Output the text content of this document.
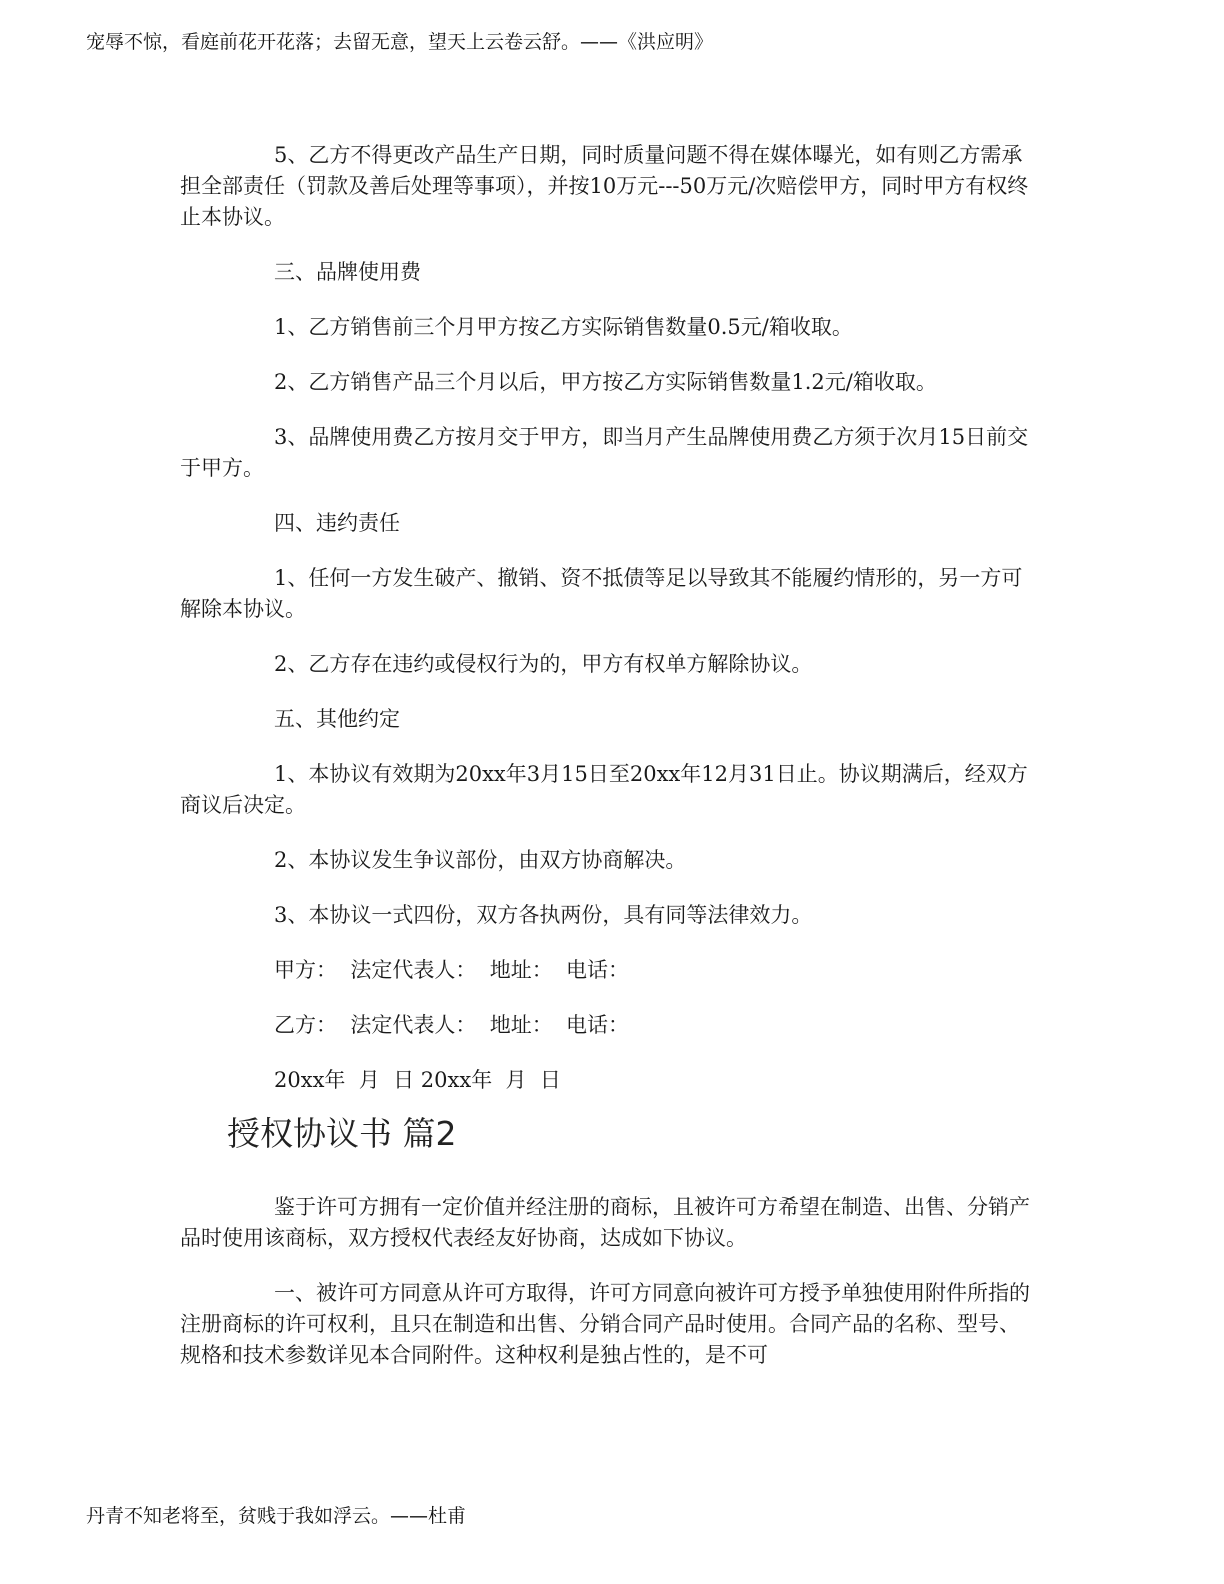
宠辱不惊，看庭前花开花落；去留无意，望天上云卷云舒。——《洪应明》

5、乙方不得更改产品生产日期，同时质量问题不得在媒体曝光，如有则乙方需承担全部责任（罚款及善后处理等事项），并按10万元---50万元/次赔偿甲方，同时甲方有权终止本协议。

三、品牌使用费

1、乙方销售前三个月甲方按乙方实际销售数量0.5元/箱收取。

2、乙方销售产品三个月以后，甲方按乙方实际销售数量1.2元/箱收取。

3、品牌使用费乙方按月交于甲方，即当月产生品牌使用费乙方须于次月15日前交于甲方。

四、违约责任

1、任何一方发生破产、撤销、资不抵债等足以导致其不能履约情形的，另一方可解除本协议。

2、乙方存在违约或侵权行为的，甲方有权单方解除协议。

五、其他约定

1、本协议有效期为20xx年3月15日至20xx年12月31日止。协议期满后，经双方商议后决定。

2、本协议发生争议部份，由双方协商解决。

3、本协议一式四份，双方各执两份，具有同等法律效力。

甲方：  法定代表人：  地址：  电话：

乙方：  法定代表人：  地址：  电话：

20xx年  月  日 20xx年  月  日

授权协议书 篇2

鉴于许可方拥有一定价值并经注册的商标，且被许可方希望在制造、出售、分销产品时使用该商标，双方授权代表经友好协商，达成如下协议。

一、被许可方同意从许可方取得，许可方同意向被许可方授予单独使用附件所指的注册商标的许可权利，且只在制造和出售、分销合同产品时使用。合同产品的名称、型号、规格和技术参数详见本合同附件。这种权利是独占性的，是不可

丹青不知老将至，贫贱于我如浮云。——杜甫
